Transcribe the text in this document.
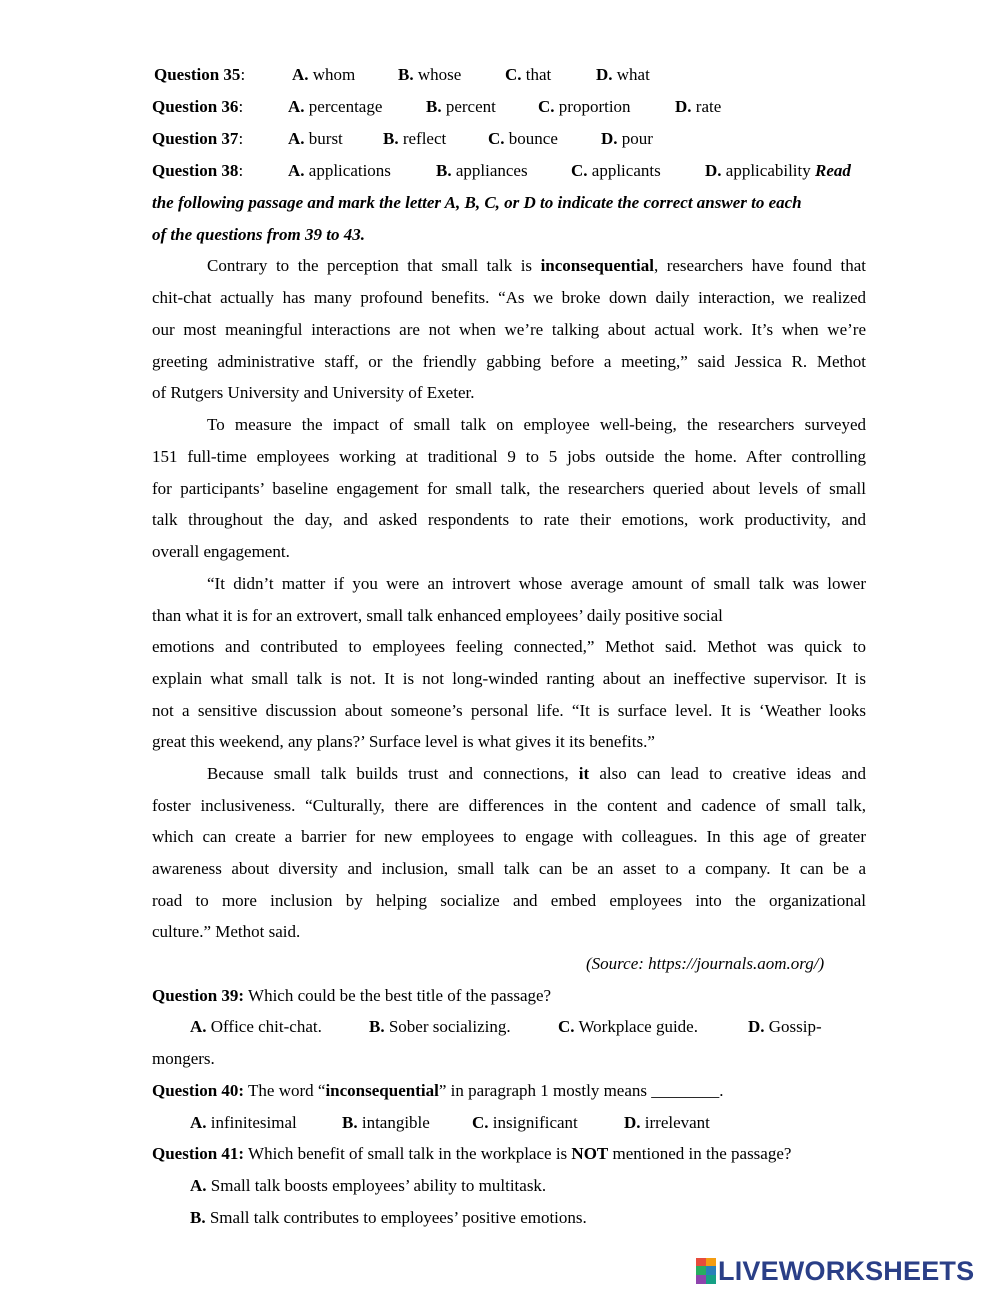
Question 35:	A. whom	B. whose	C. that	D. what
Question 36:	A. percentage	B. percent C. proportion	D. rate
Question 37:	A. burst B. reflect C. bounce	D. pour
Question 38:	A. applications	B. appliances	C. applicants	D. applicability Read
the following passage and mark the letter A, B, C, or D to indicate the correct answer to each
of the questions from 39 to 43.
Contrary to the perception that small talk is inconsequential, researchers have found that
chit-chat actually has many profound benefits. “As we broke down daily interaction, we realized
our most meaningful interactions are not when we’re talking about actual work. It’s when we’re
greeting administrative staff, or the friendly gabbing before a meeting,” said Jessica R. Methot
of Rutgers University and University of Exeter.
To measure the impact of small talk on employee well-being, the researchers surveyed
151 full-time employees working at traditional 9 to 5 jobs outside the home. After controlling
for participants’ baseline engagement for small talk, the researchers queried about levels of small
talk throughout the day, and asked respondents to rate their emotions, work productivity, and
overall engagement.
“It didn’t matter if you were an introvert whose average amount of small talk was lower
than what it is for an extrovert, small talk enhanced employees’ daily positive social
emotions and contributed to employees feeling connected,” Methot said. Methot was quick to
explain what small talk is not. It is not long-winded ranting about an ineffective supervisor. It is
not a sensitive discussion about someone’s personal life. “It is surface level. It is ‘Weather looks
great this weekend, any plans?’ Surface level is what gives it its benefits.”
Because small talk builds trust and connections, it also can lead to creative ideas and
foster inclusiveness. “Culturally, there are differences in the content and cadence of small talk,
which can create a barrier for new employees to engage with colleagues. In this age of greater
awareness about diversity and inclusion, small talk can be an asset to a company. It can be a
road to more inclusion by helping socialize and embed employees into the organizational
culture.” Methot said.
(Source: https://journals.aom.org/)
Question 39: Which could be the best title of the passage?
A. Office chit-chat.	B. Sober socializing.	C. Workplace guide.	D. Gossip-
mongers.
Question 40: The word “inconsequential” in paragraph 1 mostly means ________.
A. infinitesimal	B. intangible C. insignificant	D. irrelevant
Question 41: Which benefit of small talk in the workplace is NOT mentioned in the passage?
A. Small talk boosts employees’ ability to multitask.
B. Small talk contributes to employees’ positive emotions.
LIVEWORKSHEETS
